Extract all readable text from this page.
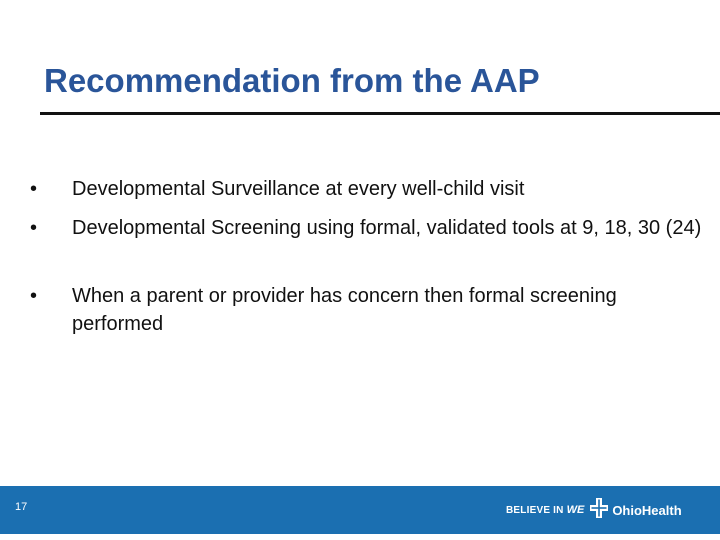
Recommendation from the AAP
• Developmental Surveillance at every well-child visit
• Developmental Screening using formal, validated tools at 9, 18, 30 (24)
• When a parent or provider has concern then formal screening performed
17	BELIEVE IN WE OhioHealth
